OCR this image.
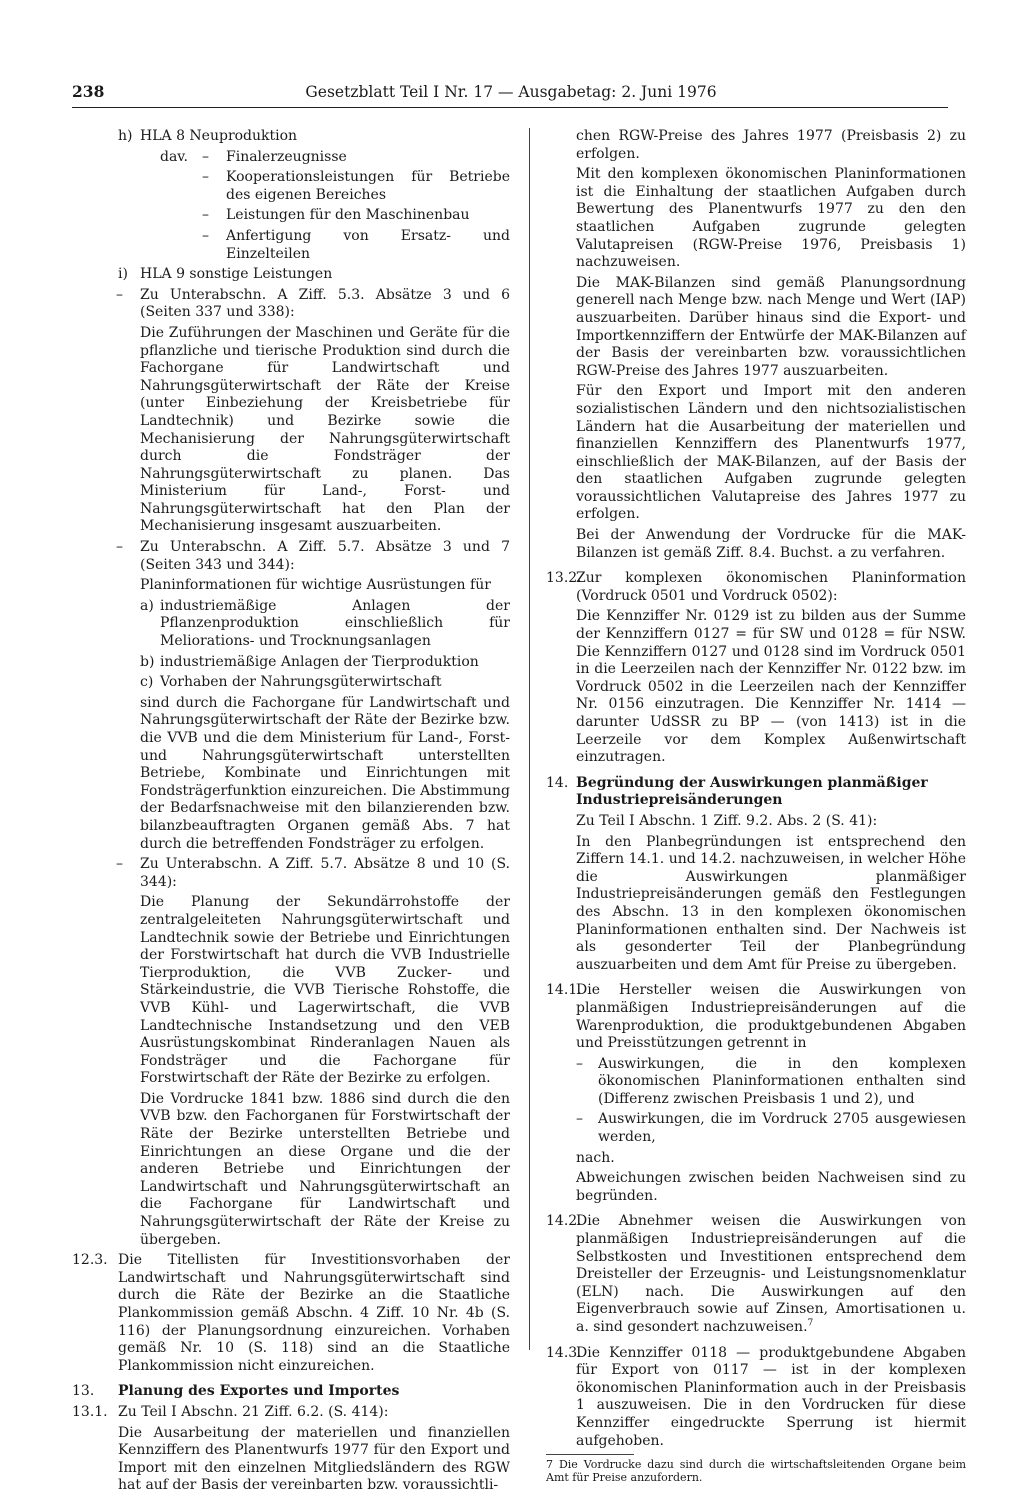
238	Gesetzblatt Teil I Nr. 17 — Ausgabetag: 2. Juni 1976
h) HLA 8 Neuproduktion
dav. – Finalerzeugnisse
– Kooperationsleistungen für Betriebe des eigenen Bereiches
– Leistungen für den Maschinenbau
– Anfertigung von Ersatz- und Einzelteilen
i) HLA 9 sonstige Leistungen
– Zu Unterabschn. A Ziff. 5.3. Absätze 3 und 6 (Seiten 337 und 338):

Die Zuführungen der Maschinen und Geräte für die pflanzliche und tierische Produktion sind durch die Fachorgane für Landwirtschaft und Nahrungsgüterwirtschaft der Räte der Kreise (unter Einbeziehung der Kreisbetriebe für Landtechnik) und Bezirke sowie die Mechanisierung der Nahrungsgüterwirtschaft durch die Fondsträger der Nahrungsgüterwirtschaft zu planen. Das Ministerium für Land-, Forst- und Nahrungsgüterwirtschaft hat den Plan der Mechanisierung insgesamt auszuarbeiten.

– Zu Unterabschn. A Ziff. 5.7. Absätze 3 und 7 (Seiten 343 und 344):

Planinformationen für wichtige Ausrüstungen für

a) industriemäßige Anlagen der Pflanzenproduktion einschließlich für Meliorations- und Trocknungsanlagen
b) industriemäßige Anlagen der Tierproduktion
c) Vorhaben der Nahrungsgüterwirtschaft

sind durch die Fachorgane für Landwirtschaft und Nahrungsgüterwirtschaft der Räte der Bezirke bzw. die VVB und die dem Ministerium für Land-, Forst- und Nahrungsgüterwirtschaft unterstellten Betriebe, Kombinate und Einrichtungen mit Fondsträgerfunktion einzureichen. Die Abstimmung der Bedarfsnachweise mit den bilanzierenden bzw. bilanzbeauftragten Organen gemäß Abs. 7 hat durch die betreffenden Fondsträger zu erfolgen.

– Zu Unterabschn. A Ziff. 5.7. Absätze 8 und 10 (S. 344):

Die Planung der Sekundärrohstoffe der zentralgeleiteten Nahrungsgüterwirtschaft und Landtechnik sowie der Betriebe und Einrichtungen der Forstwirtschaft hat durch die VVB Industrielle Tierproduktion, die VVB Zucker- und Stärkeindustrie, die VVB Tierische Rohstoffe, die VVB Kühl- und Lagerwirtschaft, die VVB Landtechnische Instandsetzung und den VEB Ausrüstungskombinat Rinderanlagen Nauen als Fondsträger und die Fachorgane für Forstwirtschaft der Räte der Bezirke zu erfolgen.

Die Vordrucke 1841 bzw. 1886 sind durch die den VVB bzw. den Fachorganen für Forstwirtschaft der Räte der Bezirke unterstellten Betriebe und Einrichtungen an diese Organe und die der anderen Betriebe und Einrichtungen der Landwirtschaft und Nahrungsgüterwirtschaft an die Fachorgane für Landwirtschaft und Nahrungsgüterwirtschaft der Räte der Kreise zu übergeben.

12.3. Die Titellisten für Investitionsvorhaben der Landwirtschaft und Nahrungsgüterwirtschaft sind durch die Räte der Bezirke an die Staatliche Plankommission gemäß Abschn. 4 Ziff. 10 Nr. 4b (S. 116) der Planungsordnung einzureichen. Vorhaben gemäß Nr. 10 (S. 118) sind an die Staatliche Plankommission nicht einzureichen.
13. Planung des Exportes und Importes
13.1. Zu Teil I Abschn. 21 Ziff. 6.2. (S. 414):

Die Ausarbeitung der materiellen und finanziellen Kennziffern des Planentwurfs 1977 für den Export und Import mit den einzelnen Mitgliedsländern des RGW hat auf der Basis der vereinbarten bzw. voraussichtli-

chen RGW-Preise des Jahres 1977 (Preisbasis 2) zu erfolgen.

Mit den komplexen ökonomischen Planinformationen ist die Einhaltung der staatlichen Aufgaben durch Bewertung des Planentwurfs 1977 zu den den staatlichen Aufgaben zugrunde gelegten Valutapreisen (RGW-Preise 1976, Preisbasis 1) nachzuweisen.

Die MAK-Bilanzen sind gemäß Planungsordnung generell nach Menge bzw. nach Menge und Wert (IAP) auszuarbeiten. Darüber hinaus sind die Export- und Importkennziffern der Entwürfe der MAK-Bilanzen auf der Basis der vereinbarten bzw. voraussichtlichen RGW-Preise des Jahres 1977 auszuarbeiten.

Für den Export und Import mit den anderen sozialistischen Ländern und den nichtsozialistischen Ländern hat die Ausarbeitung der materiellen und finanziellen Kennziffern des Planentwurfs 1977, einschließlich der MAK-Bilanzen, auf der Basis der den staatlichen Aufgaben zugrunde gelegten voraussichtlichen Valutapreise des Jahres 1977 zu erfolgen.

Bei der Anwendung der Vordrucke für die MAK-Bilanzen ist gemäß Ziff. 8.4. Buchst. a zu verfahren.

13.2.
Zur komplexen ökonomischen Planinformation (Vordruck 0501 und Vordruck 0502):

Die Kennziffer Nr. 0129 ist zu bilden aus der Summe der Kennziffern 0127 = für SW und 0128 = für NSW. Die Kennziffern 0127 und 0128 sind im Vordruck 0501 in die Leerzeilen nach der Kennziffer Nr. 0122 bzw. im Vordruck 0502 in die Leerzeilen nach der Kennziffer Nr. 0156 einzutragen. Die Kennziffer Nr. 1414 — darunter UdSSR zu BP — (von 1413) ist in die Leerzeile vor dem Komplex Außenwirtschaft einzutragen.

14. Begründung der Auswirkungen planmäßiger Industriepreisänderungen

Zu Teil I Abschn. 1 Ziff. 9.2. Abs. 2 (S. 41):

In den Planbegründungen ist entsprechend den Ziffern 14.1. und 14.2. nachzuweisen, in welcher Höhe die Auswirkungen planmäßiger Industriepreisänderungen gemäß den Festlegungen des Abschn. 13 in den komplexen ökonomischen Planinformationen enthalten sind. Der Nachweis ist als gesonderter Teil der Planbegründung auszuarbeiten und dem Amt für Preise zu übergeben.

14.1.
Die Hersteller weisen die Auswirkungen von planmäßigen Industriepreisänderungen auf die Warenproduktion, die produktgebundenen Abgaben und Preisstützungen getrennt in
– Auswirkungen, die in den komplexen ökonomischen Planinformationen enthalten sind (Differenz zwischen Preisbasis 1 und 2), und
– Auswirkungen, die im Vordruck 2705 ausgewiesen werden,

nach.

Abweichungen zwischen beiden Nachweisen sind zu begründen.

14.2.
Die Abnehmer weisen die Auswirkungen von planmäßigen Industriepreisänderungen auf die Selbstkosten und Investitionen entsprechend dem Dreisteller der Erzeugnis- und Leistungsnomenklatur (ELN) nach. Die Auswirkungen auf den Eigenverbrauch sowie auf Zinsen, Amortisationen u. a. sind gesondert nachzuweisen.$^7$
14.3.
Die Kennziffer 0118 — produktgebundene Abgaben für Export von 0117 — ist in der komplexen ökonomischen Planinformation auch in der Preisbasis 1 auszuweisen. Die in den Vordrucken für diese Kennziffer eingedruckte Sperrung ist hiermit aufgehoben.
7 Die Vordrucke dazu sind durch die wirtschaftsleitenden Organe beim Amt für Preise anzufordern.
